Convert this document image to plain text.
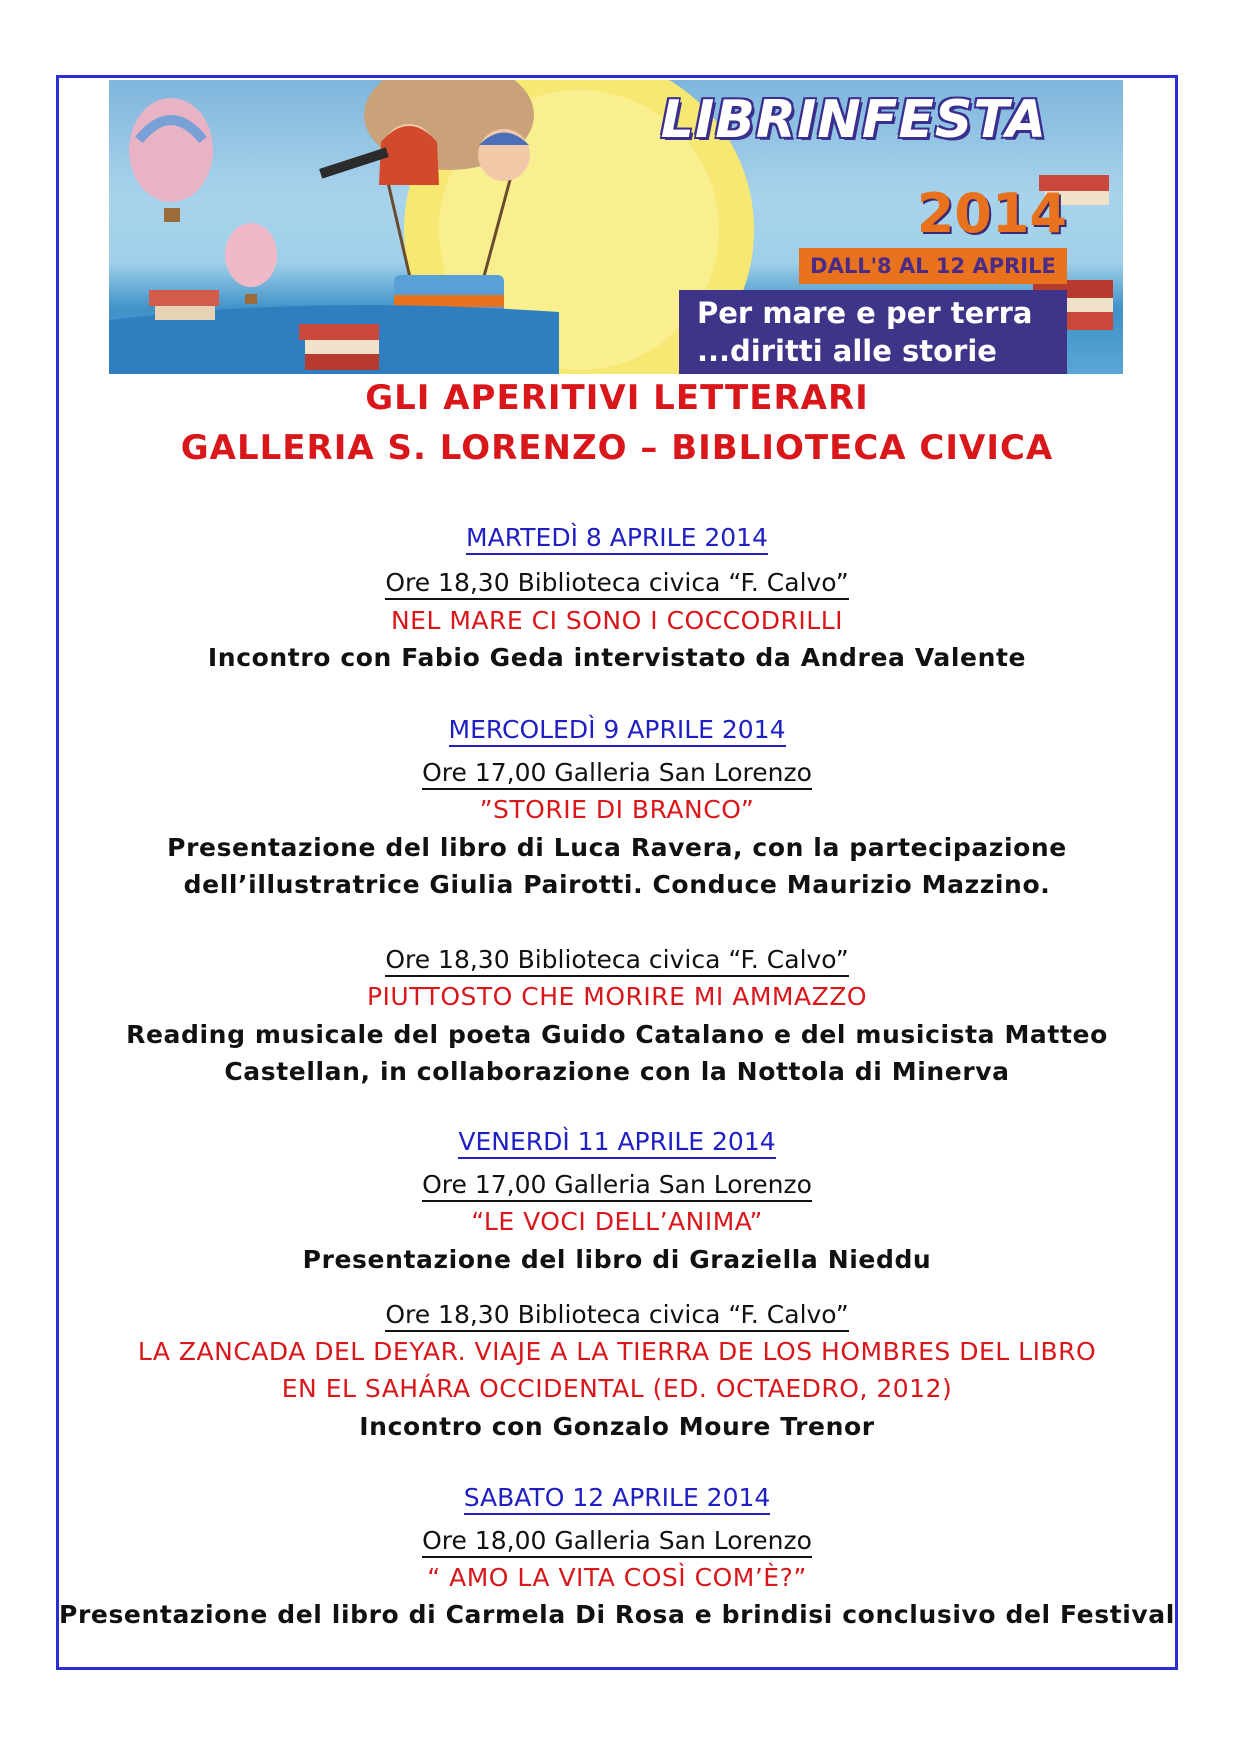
LIBRINFESTA
2014
DALL'8 AL 12 APRILE
Per mare e per terra
...diritti alle storie
GLI APERITIVI LETTERARI
GALLERIA S. LORENZO – BIBLIOTECA CIVICA
MARTEDÌ 8 APRILE 2014
Ore 18,30 Biblioteca civica “F. Calvo”
NEL MARE CI SONO I COCCODRILLI
Incontro con Fabio Geda intervistato da Andrea Valente
MERCOLEDÌ 9 APRILE 2014
Ore 17,00 Galleria San Lorenzo
”STORIE DI BRANCO”
Presentazione del libro di Luca Ravera, con la partecipazione
dell’illustratrice Giulia Pairotti. Conduce Maurizio Mazzino.
Ore 18,30 Biblioteca civica “F. Calvo”
PIUTTOSTO CHE MORIRE MI AMMAZZO
Reading musicale del poeta Guido Catalano e del musicista Matteo
Castellan, in collaborazione con la Nottola di Minerva
VENERDÌ 11 APRILE 2014
Ore 17,00 Galleria San Lorenzo
“LE VOCI DELL’ANIMA”
Presentazione del libro di Graziella Nieddu
Ore 18,30 Biblioteca civica “F. Calvo”
LA ZANCADA DEL DEYAR. VIAJE A LA TIERRA DE LOS HOMBRES DEL LIBRO
EN EL SAHÁRA OCCIDENTAL (ED. OCTAEDRO, 2012)
Incontro con Gonzalo Moure Trenor
SABATO 12 APRILE 2014
Ore 18,00 Galleria San Lorenzo
“ AMO LA VITA COSÌ COM’È?”
Presentazione del libro di Carmela Di Rosa e brindisi conclusivo del Festival
